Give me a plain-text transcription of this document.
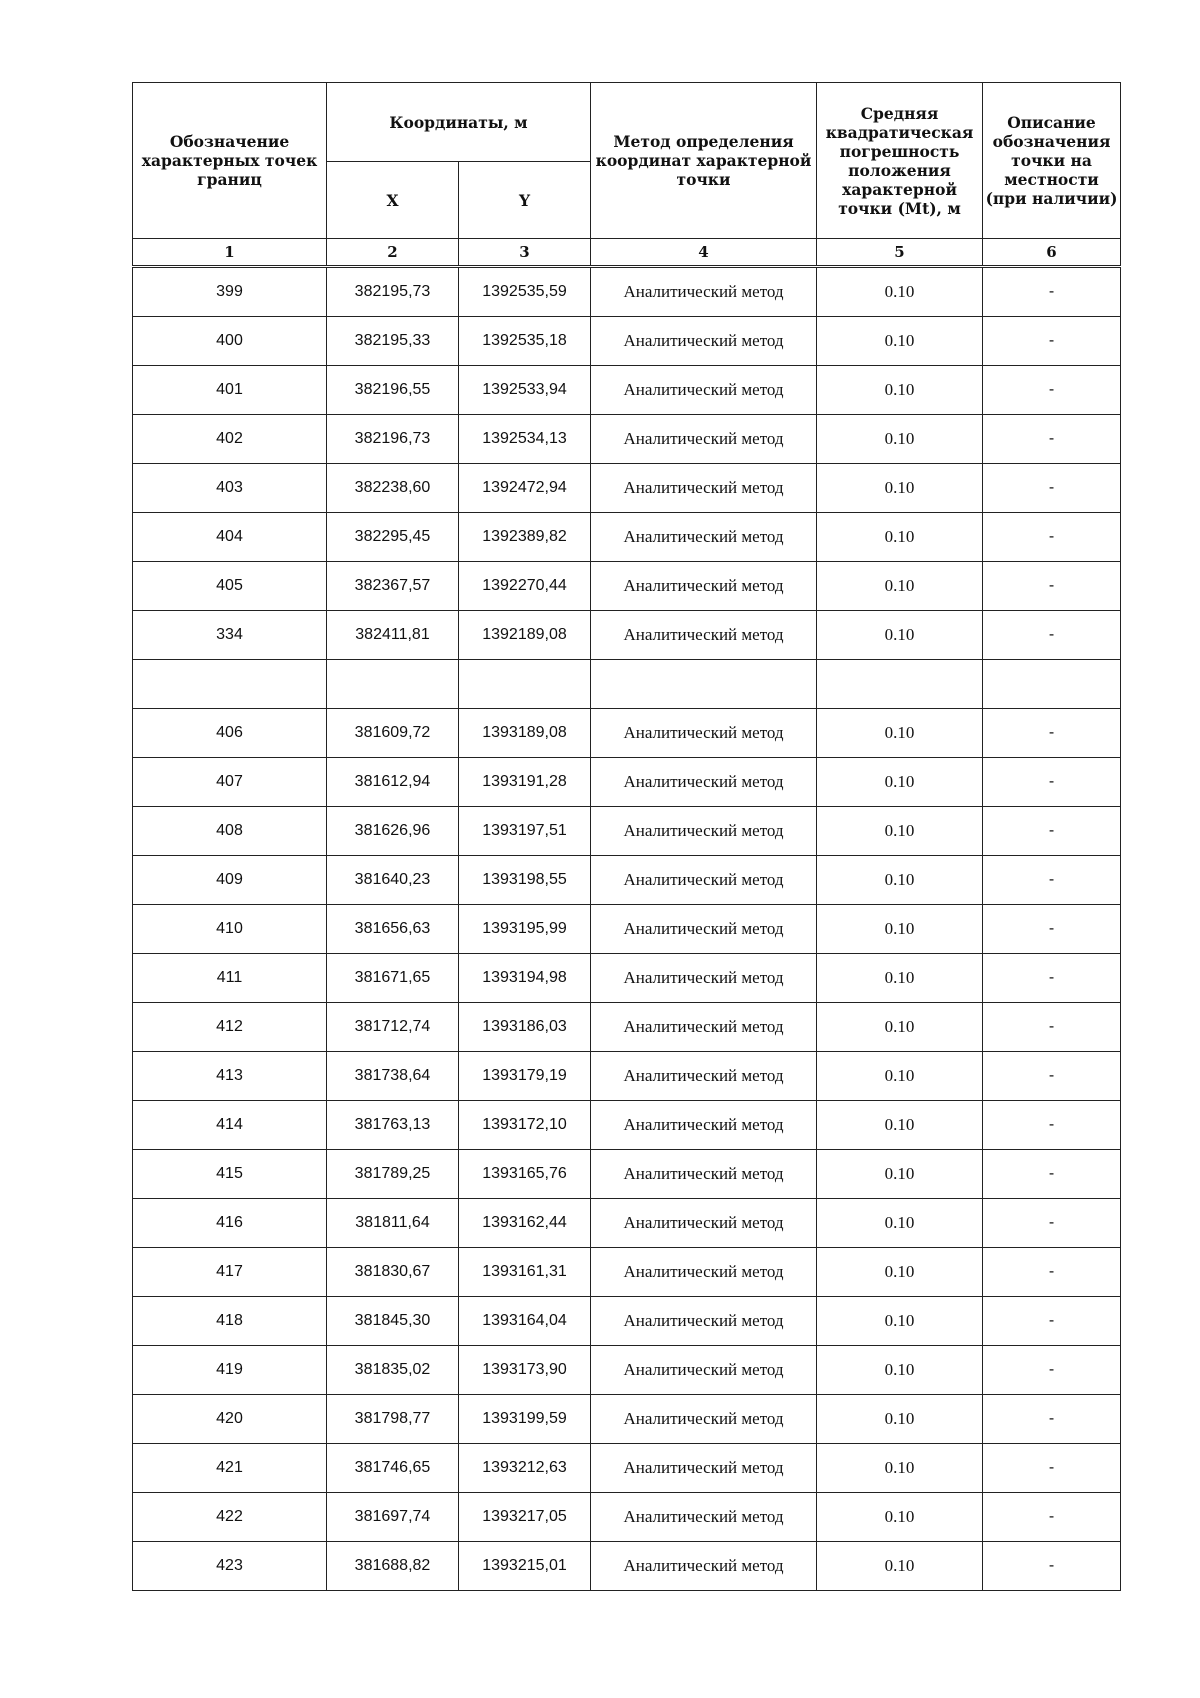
Обозначение характерных точек границ	Координаты, м		Метод определения координат характерной точки	Средняя квадратическая погрешность положения характерной точки (Mt), м	Описание обозначения точки на местности (при наличии)
	X	Y			
1	2	3	4	5	6
399	382195,73	1392535,59	Аналитический метод	0.10	-
400	382195,33	1392535,18	Аналитический метод	0.10	-
401	382196,55	1392533,94	Аналитический метод	0.10	-
402	382196,73	1392534,13	Аналитический метод	0.10	-
403	382238,60	1392472,94	Аналитический метод	0.10	-
404	382295,45	1392389,82	Аналитический метод	0.10	-
405	382367,57	1392270,44	Аналитический метод	0.10	-
334	382411,81	1392189,08	Аналитический метод	0.10	-

406	381609,72	1393189,08	Аналитический метод	0.10	-
407	381612,94	1393191,28	Аналитический метод	0.10	-
408	381626,96	1393197,51	Аналитический метод	0.10	-
409	381640,23	1393198,55	Аналитический метод	0.10	-
410	381656,63	1393195,99	Аналитический метод	0.10	-
411	381671,65	1393194,98	Аналитический метод	0.10	-
412	381712,74	1393186,03	Аналитический метод	0.10	-
413	381738,64	1393179,19	Аналитический метод	0.10	-
414	381763,13	1393172,10	Аналитический метод	0.10	-
415	381789,25	1393165,76	Аналитический метод	0.10	-
416	381811,64	1393162,44	Аналитический метод	0.10	-
417	381830,67	1393161,31	Аналитический метод	0.10	-
418	381845,30	1393164,04	Аналитический метод	0.10	-
419	381835,02	1393173,90	Аналитический метод	0.10	-
420	381798,77	1393199,59	Аналитический метод	0.10	-
421	381746,65	1393212,63	Аналитический метод	0.10	-
422	381697,74	1393217,05	Аналитический метод	0.10	-
423	381688,82	1393215,01	Аналитический метод	0.10	-
